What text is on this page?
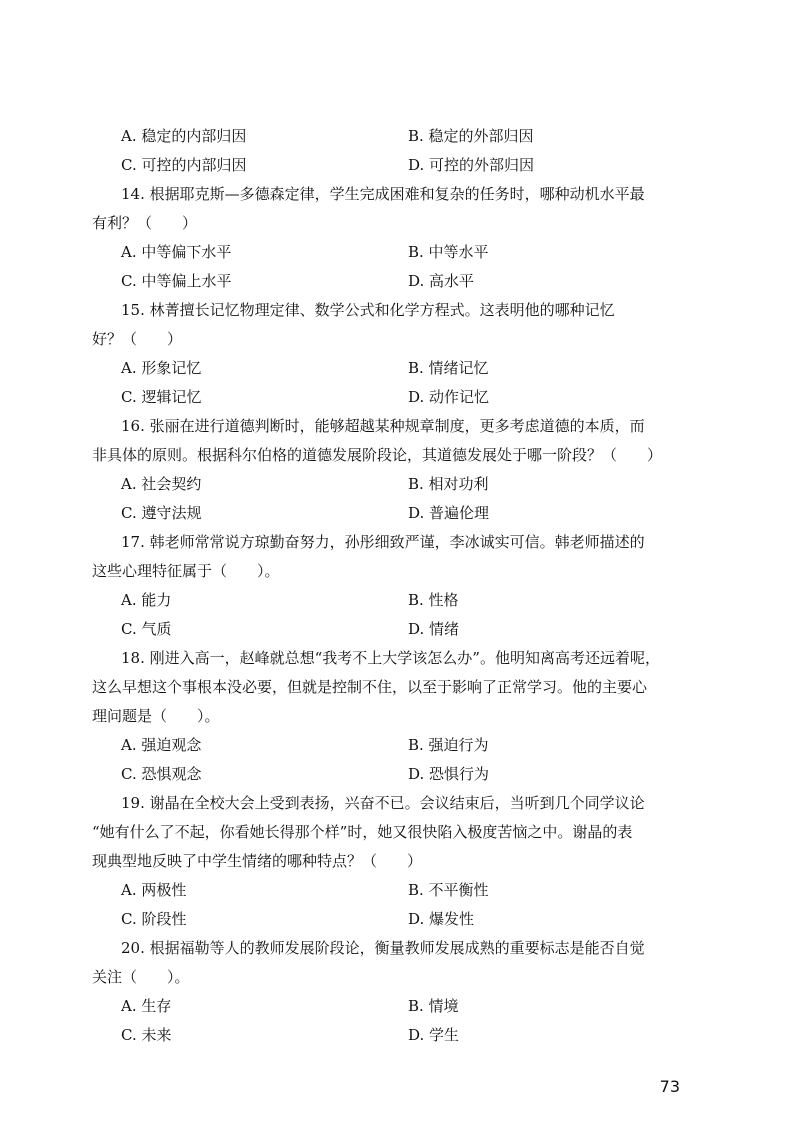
A. 稳定的内部归因	B. 稳定的外部归因
C. 可控的内部归因	D. 可控的外部归因
14. 根据耶克斯—多德森定律，学生完成困难和复杂的任务时，哪种动机水平最
有利？（　　）
A. 中等偏下水平	B. 中等水平
C. 中等偏上水平	D. 高水平
15. 林菁擅长记忆物理定律、数学公式和化学方程式。这表明他的哪种记忆
好？（　　）
A. 形象记忆	B. 情绪记忆
C. 逻辑记忆	D. 动作记忆
16. 张丽在进行道德判断时，能够超越某种规章制度，更多考虑道德的本质，而
非具体的原则。根据科尔伯格的道德发展阶段论，其道德发展处于哪一阶段？（　　）
A. 社会契约	B. 相对功利
C. 遵守法规	D. 普遍伦理
17. 韩老师常常说方琼勤奋努力，孙彤细致严谨，李冰诚实可信。韩老师描述的
这些心理特征属于（　　）。
A. 能力	B. 性格
C. 气质	D. 情绪
18. 刚进入高一，赵峰就总想“我考不上大学该怎么办”。他明知离高考还远着呢，
这么早想这个事根本没必要，但就是控制不住，以至于影响了正常学习。他的主要心
理问题是（　　）。
A. 强迫观念	B. 强迫行为
C. 恐惧观念	D. 恐惧行为
19. 谢晶在全校大会上受到表扬，兴奋不已。会议结束后，当听到几个同学议论
“她有什么了不起，你看她长得那个样”时，她又很快陷入极度苦恼之中。谢晶的表
现典型地反映了中学生情绪的哪种特点？（　　）
A. 两极性	B. 不平衡性
C. 阶段性	D. 爆发性
20. 根据福勒等人的教师发展阶段论，衡量教师发展成熟的重要标志是能否自觉
关注（　　）。
A. 生存	B. 情境
C. 未来	D. 学生
73
